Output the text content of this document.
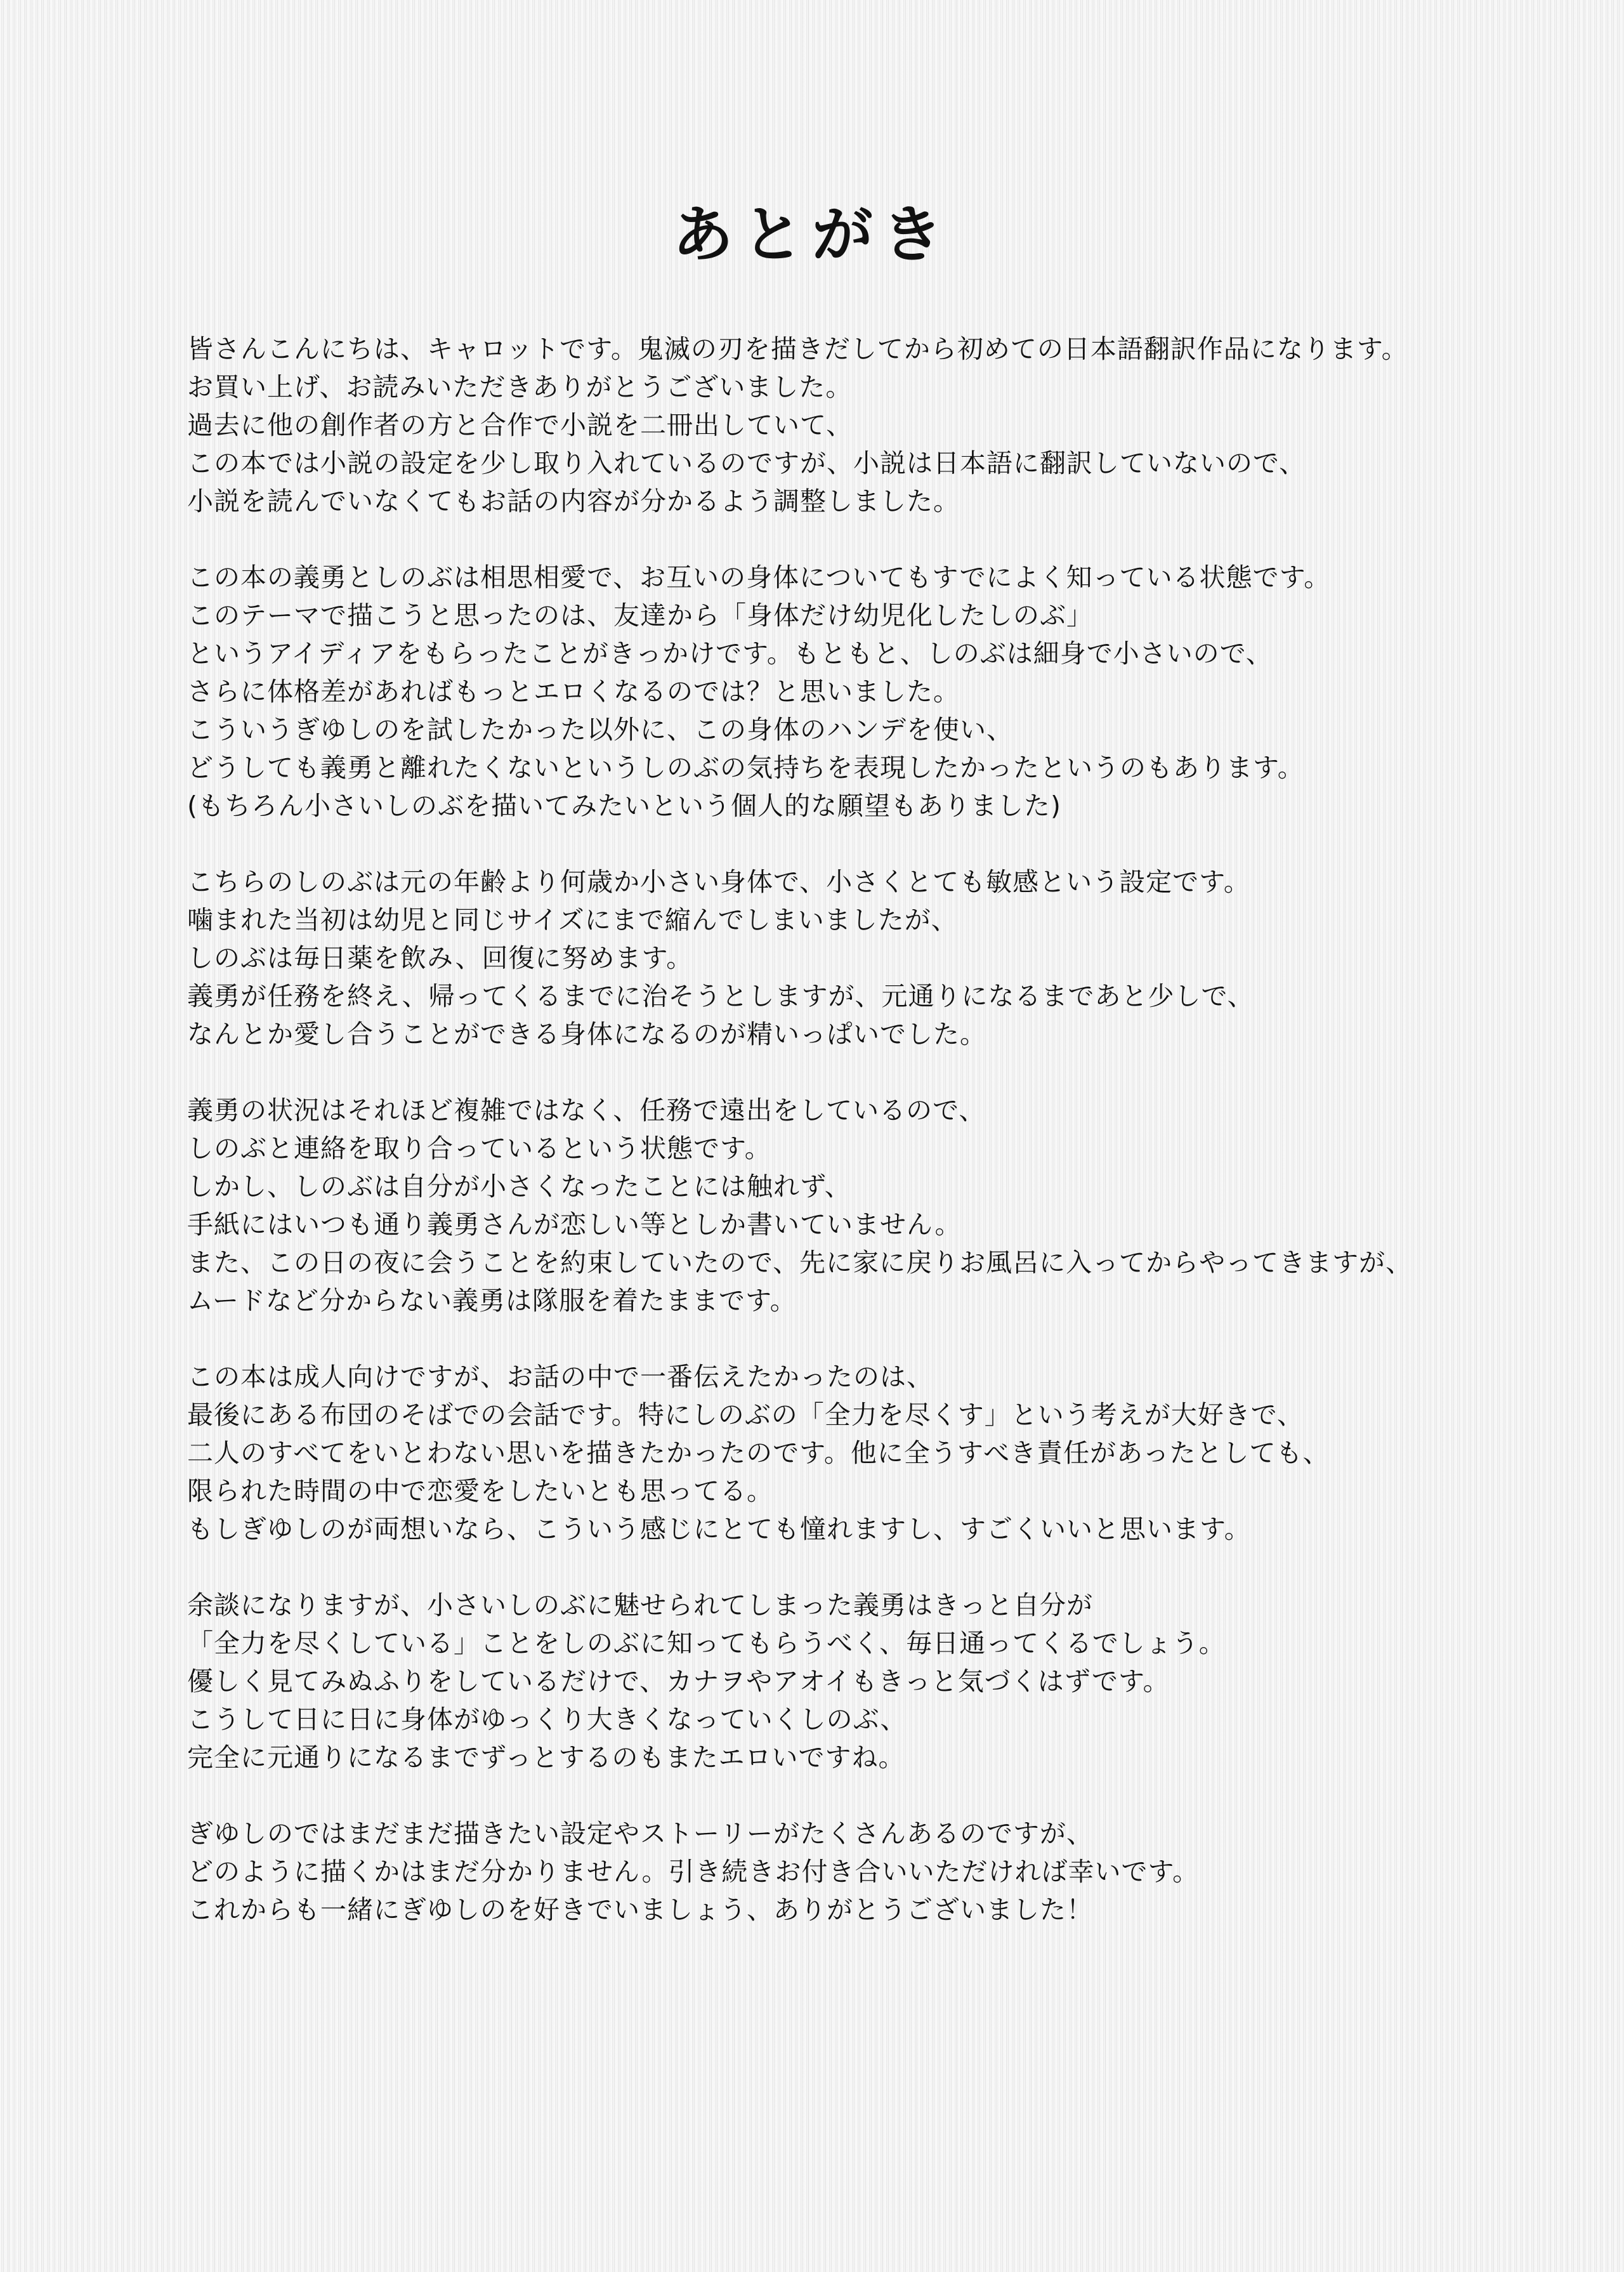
あとがき
皆さんこんにちは、キャロットです。鬼滅の刃を描きだしてから初めての日本語翻訳作品になります。
お買い上げ、お読みいただきありがとうございました。
過去に他の創作者の方と合作で小説を二冊出していて、
この本では小説の設定を少し取り入れているのですが、小説は日本語に翻訳していないので、
小説を読んでいなくてもお話の内容が分かるよう調整しました。
この本の義勇としのぶは相思相愛で、お互いの身体についてもすでによく知っている状態です。
このテーマで描こうと思ったのは、友達から「身体だけ幼児化したしのぶ」
というアイディアをもらったことがきっかけです。もともと、しのぶは細身で小さいので、
さらに体格差があればもっとエロくなるのでは？と思いました。
こういうぎゆしのを試したかった以外に、この身体のハンデを使い、
どうしても義勇と離れたくないというしのぶの気持ちを表現したかったというのもあります。
(もちろん小さいしのぶを描いてみたいという個人的な願望もありました)
こちらのしのぶは元の年齢より何歳か小さい身体で、小さくとても敏感という設定です。
噛まれた当初は幼児と同じサイズにまで縮んでしまいましたが、
しのぶは毎日薬を飲み、回復に努めます。
義勇が任務を終え、帰ってくるまでに治そうとしますが、元通りになるまであと少しで、
なんとか愛し合うことができる身体になるのが精いっぱいでした。
義勇の状況はそれほど複雑ではなく、任務で遠出をしているので、
しのぶと連絡を取り合っているという状態です。
しかし、しのぶは自分が小さくなったことには触れず、
手紙にはいつも通り義勇さんが恋しい等としか書いていません。
また、この日の夜に会うことを約束していたので、先に家に戻りお風呂に入ってからやってきますが、
ムードなど分からない義勇は隊服を着たままです。
この本は成人向けですが、お話の中で一番伝えたかったのは、
最後にある布団のそばでの会話です。特にしのぶの「全力を尽くす」という考えが大好きで、
二人のすべてをいとわない思いを描きたかったのです。他に全うすべき責任があったとしても、
限られた時間の中で恋愛をしたいとも思ってる。
もしぎゆしのが両想いなら、こういう感じにとても憧れますし、すごくいいと思います。
余談になりますが、小さいしのぶに魅せられてしまった義勇はきっと自分が
「全力を尽くしている」ことをしのぶに知ってもらうべく、毎日通ってくるでしょう。
優しく見てみぬふりをしているだけで、カナヲやアオイもきっと気づくはずです。
こうして日に日に身体がゆっくり大きくなっていくしのぶ、
完全に元通りになるまでずっとするのもまたエロいですね。
ぎゆしのではまだまだ描きたい設定やストーリーがたくさんあるのですが、
どのように描くかはまだ分かりません。引き続きお付き合いいただければ幸いです。
これからも一緒にぎゆしのを好きでいましょう、ありがとうございました！
